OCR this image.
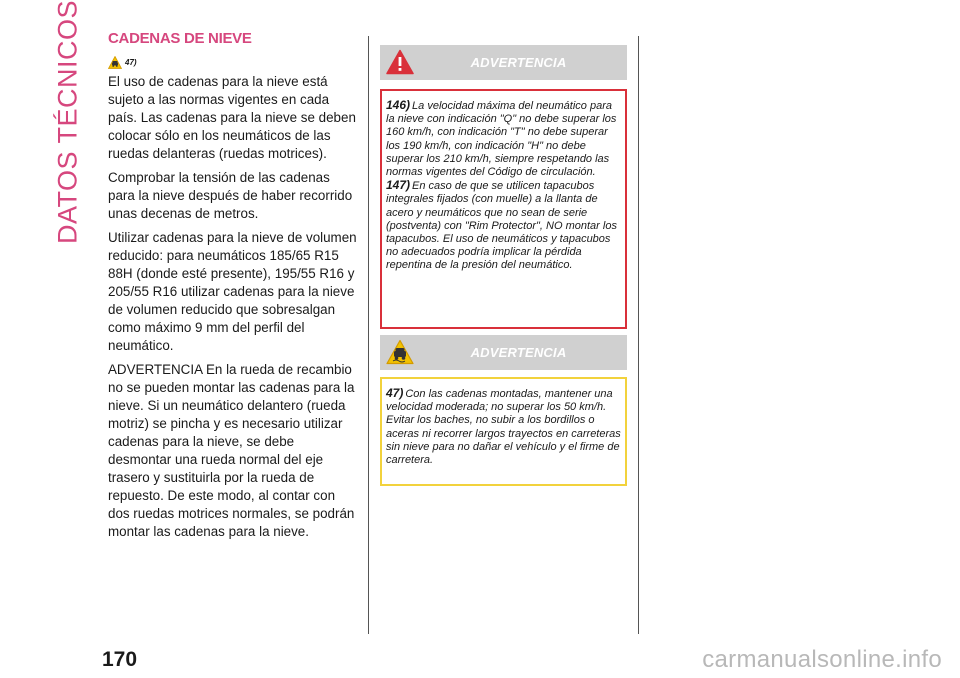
DATOS TÉCNICOS CADENAS DE NIEVE
47)

El uso de cadenas para la nieve está sujeto a las normas vigentes en cada país. Las cadenas para la nieve se deben colocar sólo en los neumáticos de las ruedas delanteras (ruedas motrices).

Comprobar la tensión de las cadenas para la nieve después de haber recorrido unas decenas de metros.

Utilizar cadenas para la nieve de volumen reducido: para neumáticos 185/65 R15 88H (donde esté presente), 195/55 R16 y 205/55 R16 utilizar cadenas para la nieve de volumen reducido que sobresalgan como máximo 9 mm del perfil del neumático.

ADVERTENCIA En la rueda de recambio no se pueden montar las cadenas para la nieve. Si un neumático delantero (rueda motriz) se pincha y es necesario utilizar cadenas para la nieve, se debe desmontar una rueda normal del eje trasero y sustituirla por la rueda de repuesto. De este modo, al contar con dos ruedas motrices normales, se podrán montar las cadenas para la nieve.

ADVERTENCIA
146) La velocidad máxima del neumático para la nieve con indicación "Q" no debe superar los 160 km/h, con indicación "T" no debe superar los 190 km/h, con indicación "H" no debe superar los 210 km/h, siempre respetando las normas vigentes del Código de circulación.
147) En caso de que se utilicen tapacubos integrales fijados (con muelle) a la llanta de acero y neumáticos que no sean de serie (postventa) con "Rim Protector", NO montar los tapacubos. El uso de neumáticos y tapacubos no adecuados podría implicar la pérdida repentina de la presión del neumático.
ADVERTENCIA
47) Con las cadenas montadas, mantener una velocidad moderada; no superar los 50 km/h. Evitar los baches, no subir a los bordillos o aceras ni recorrer largos trayectos en carreteras sin nieve para no dañar el vehículo y el firme de carretera.
170	carmanualsonline.info
